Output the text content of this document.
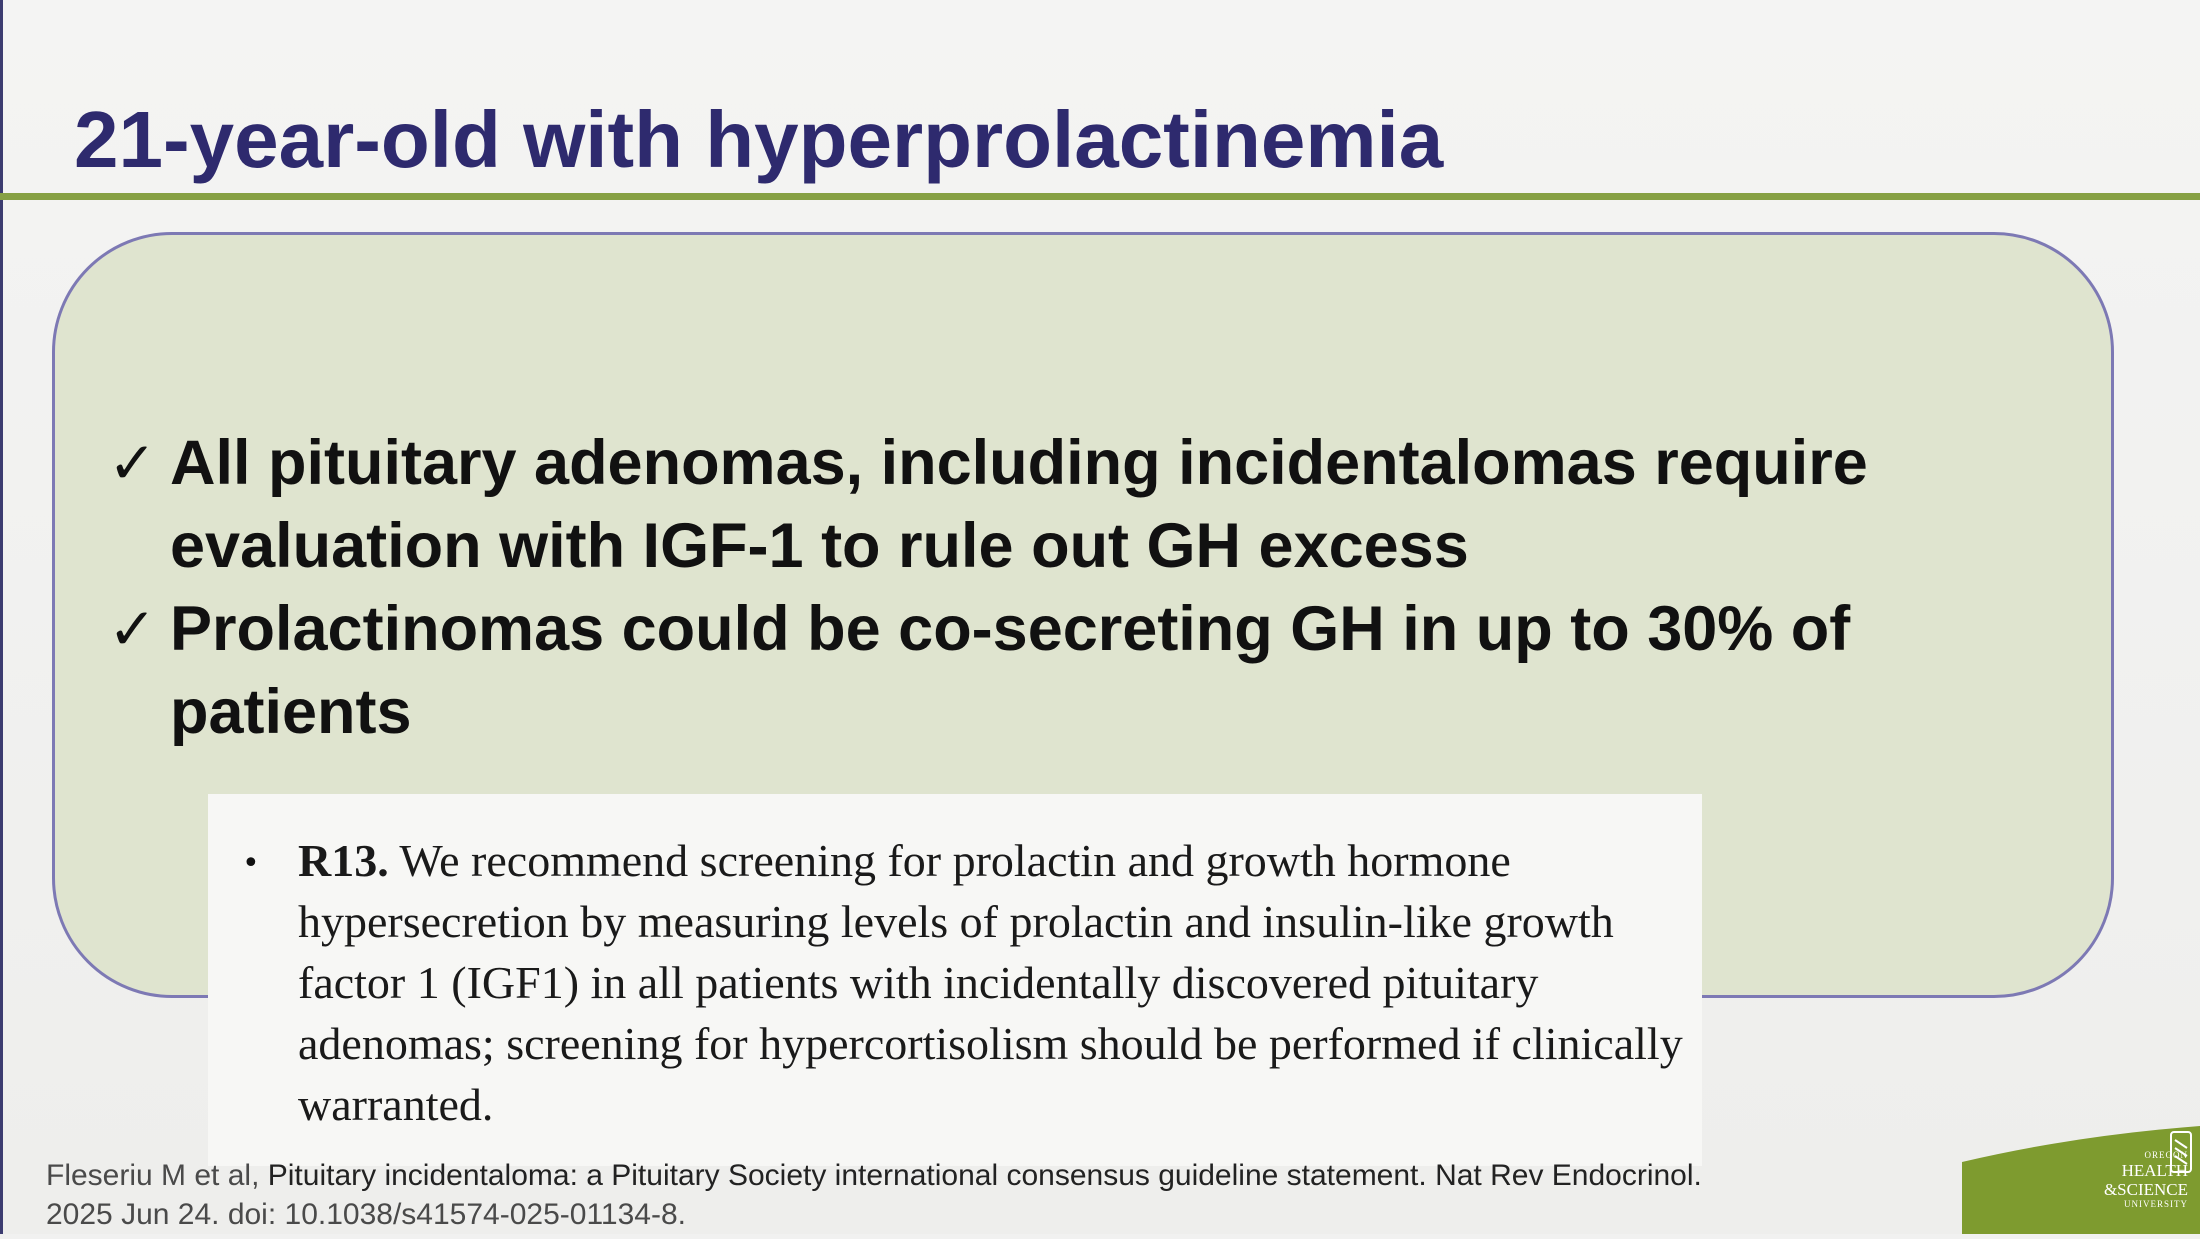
21-year-old with hyperprolactinemia
✓ All pituitary adenomas, including incidentalomas require evaluation with IGF-1 to rule out GH excess
✓ Prolactinomas could be co-secreting GH in up to 30% of patients
• R13. We recommend screening for prolactin and growth hormone hypersecretion by measuring levels of prolactin and insulin-like growth factor 1 (IGF1) in all patients with incidentally discovered pituitary adenomas; screening for hypercortisolism should be performed if clinically warranted.
Fleseriu M et al, Pituitary incidentaloma: a Pituitary Society international consensus guideline statement. Nat Rev Endocrinol.
2025 Jun 24. doi: 10.1038/s41574-025-01134-8.
OREGON
HEALTH
&SCIENCE
UNIVERSITY
